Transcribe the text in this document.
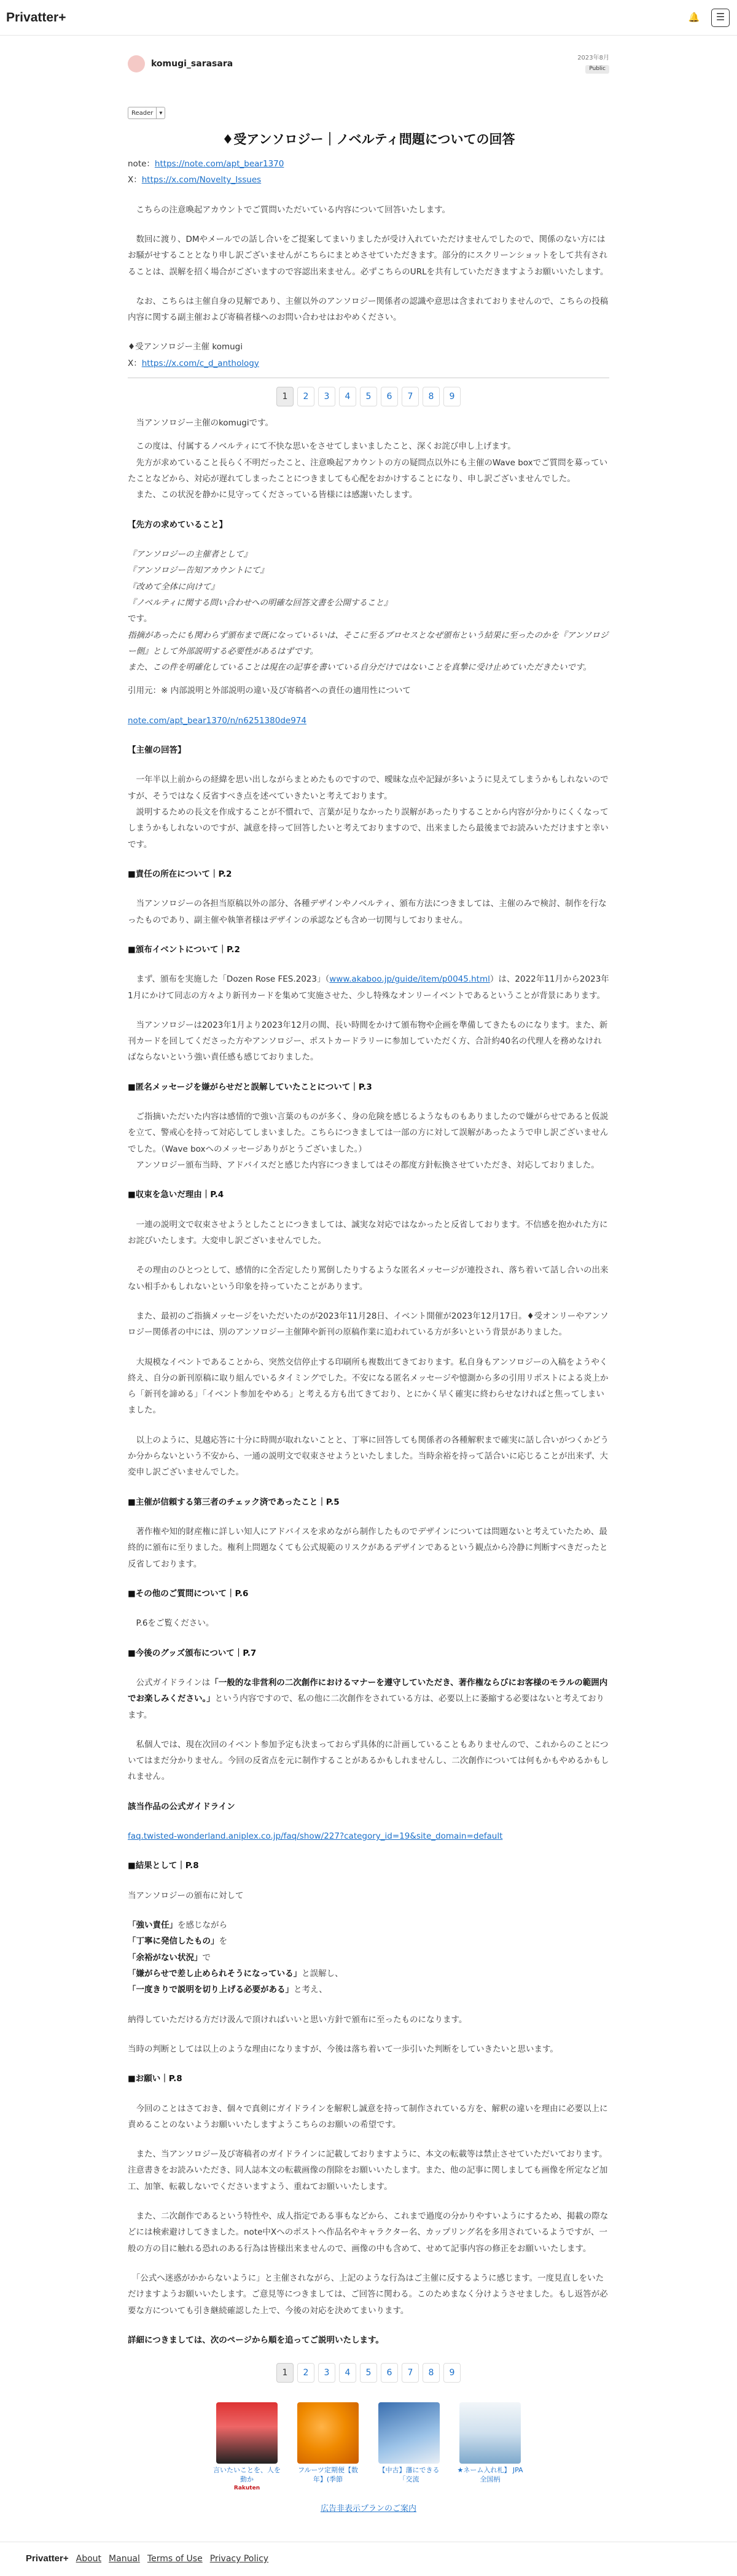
Privatter+	🔔 ☰
komugi_sarasara
2023年8月
Public
Reader	▾
♦受アンソロジー｜ノベルティ問題についての回答
note：https://note.com/apt_bear1370
X：https://x.com/Novelty_Issues
　こちらの注意喚起アカウントでご質問いただいている内容について回答いたします。
　数回に渡り、DMやメールでの話し合いをご提案してまいりましたが受け入れていただけませんでしたので、関係のない方にはお騒がせすることとなり申し訳ございませんがこちらにまとめさせていただきます。部分的にスクリーンショットをして共有されることは、誤解を招く場合がございますので容認出来ません。必ずこちらのURLを共有していただきますようお願いいたします。
　なお、こちらは主催自身の見解であり、主催以外のアンソロジー関係者の認識や意思は含まれておりませんので、こちらの投稿内容に関する副主催および寄稿者様へのお問い合わせはおやめください。
♦受アンソロジー主催 komugi
X：https://x.com/c_d_anthology
1	2	3	4	5	6	7	8	9
　当アンソロジー主催のkomugiです。
　この度は、付属するノベルティにて不快な思いをさせてしまいましたこと、深くお詫び申し上げます。
　先方が求めていること長らく不明だったこと、注意喚起アカウントの方の疑問点以外にも主催のWave boxでご質問を募っていたことなどから、対応が遅れてしまったことにつきましても心配をおかけすることになり、申し訳ございませんでした。
　また、この状況を静かに見守ってくださっている皆様には感謝いたします。
【先方の求めていること】
『アンソロジーの主催者として』
『アンソロジー告知アカウントにて』
『改めて全体に向けて』
『ノベルティに関する問い合わせへの明確な回答文書を公開すること』
です。
指摘があったにも関わらず頒布まで既になっているいは、そこに至るプロセスとなぜ頒布という結果に至ったのかを『アンソロジー側』として外部説明する必要性があるはずです。
また、この件を明確化していることは現在の記事を書いている自分だけではないことを真摯に受け止めていただきたいです。
引用元：※ 内部説明と外部説明の違い及び寄稿者への責任の適用性について
note.com/apt_bear1370/n/n6251380de974
【主催の回答】
　一年半以上前からの経緯を思い出しながらまとめたものですので、曖昧な点や記録が多いように見えてしまうかもしれないのですが、そうではなく反省すべき点を述べていきたいと考えております。
　説明するための長文を作成することが不慣れで、言葉が足りなかったり誤解があったりすることから内容が分かりにくくなってしまうかもしれないのですが、誠意を持って回答したいと考えておりますので、出来ましたら最後までお読みいただけますと幸いです。
■責任の所在について｜P.2
　当アンソロジーの各担当原稿以外の部分、各種デザインやノベルティ、頒布方法につきましては、主催のみで検討、制作を行なったものであり、副主催や執筆者様はデザインの承認なども含め一切関与しておりません。
■頒布イベントについて｜P.2
　まず、頒布を実施した「Dozen Rose FES.2023」（www.akaboo.jp/guide/item/p0045.html）は、2022年11月から2023年1月にかけて同志の方々より新刊カードを集めて実施させた、少し特殊なオンリーイベントであるということが背景にあります。
　当アンソロジーは2023年1月より2023年12月の間、長い時間をかけて頒布物や企画を準備してきたものになります。また、新刊カードを回してくださった方やアンソロジー、ポストカードラリーに参加していただく方、合計約40名の代理人を務めなければならないという強い責任感も感じておりました。
■匿名メッセージを嫌がらせだと誤解していたことについて｜P.3
　ご指摘いただいた内容は感情的で強い言葉のものが多く、身の危険を感じるようなものもありましたので嫌がらせであると仮説を立て、警戒心を持って対応してしまいました。こちらにつきましては一部の方に対して誤解があったようで申し訳ございませんでした。（Wave boxへのメッセージありがとうございました。）
　アンソロジー頒布当時、アドバイスだと感じた内容につきましてはその都度方針転換させていただき、対応しておりました。
■収束を急いだ理由｜P.4
　一連の説明文で収束させようとしたことにつきましては、誠実な対応ではなかったと反省しております。不信感を抱かれた方にお詫びいたします。大変申し訳ございませんでした。
　その理由のひとつとして、感情的に全否定したり罵倒したりするような匿名メッセージが連投され、落ち着いて話し合いの出来ない相手かもしれないという印象を持っていたことがあります。
　また、最初のご指摘メッセージをいただいたのが2023年11月28日、イベント開催が2023年12月17日。♦受オンリーやアンソロジー関係者の中には、別のアンソロジー主催陣や新刊の原稿作業に追われている方が多いという背景がありました。
　大規模なイベントであることから、突然交信停止する印刷所も複数出てきております。私自身もアンソロジーの入稿をようやく終え、自分の新刊原稿に取り組んでいるタイミングでした。不安になる匿名メッセージや憶測から多の引用リポストによる炎上から「新刊を諦める」「イベント参加をやめる」と考える方も出てきており、とにかく早く確実に終わらせなければと焦ってしまいました。
　以上のように、見越応答に十分に時間が取れないことと、丁寧に回答しても関係者の各種解釈まで確実に話し合いがつくかどうか分からないという不安から、一通の説明文で収束させようといたしました。当時余裕を持って話合いに応じることが出来ず、大変申し訳ございませんでした。
■主催が信頼する第三者のチェック済であったこと｜P.5
　著作権や知的財産権に詳しい知人にアドバイスを求めながら制作したものでデザインについては問題ないと考えていたため、最終的に頒布に至りました。権利上問題なくても公式規範のリスクがあるデザインであるという観点から冷静に判断すべきだったと反省しております。
■その他のご質問について｜P.6
　P.6をご覧ください。
■今後のグッズ頒布について｜P.7
　公式ガイドラインは「一般的な非営利の二次創作におけるマナーを遵守していただき、著作権ならびにお客様のモラルの範囲内でお楽しみください。」という内容ですので、私の他に二次創作をされている方は、必要以上に萎縮する必要はないと考えております。
　私個人では、現在次回のイベント参加予定も決まっておらず具体的に計画していることもありませんので、これからのことについてはまだ分かりません。今回の反省点を元に制作することがあるかもしれませんし、二次創作については何もかもやめるかもしれません。
該当作品の公式ガイドライン
faq.twisted-wonderland.aniplex.co.jp/faq/show/227?category_id=19&site_domain=default
■結果として｜P.8
当アンソロジーの頒布に対して
「強い責任」を感じながら
「丁寧に発信したもの」を
「余裕がない状況」で
「嫌がらせで差し止められそうになっている」と誤解し、
「一度きりで説明を切り上げる必要がある」と考え、
納得していただける方だけ汲んで頂ければいいと思い方針で頒布に至ったものになります。
当時の判断としては以上のような理由になりますが、今後は落ち着いて一歩引いた判断をしていきたいと思います。
■お願い｜P.8
　今回のことはさておき、個々で真剣にガイドラインを解釈し誠意を持って制作されている方を、解釈の違いを理由に必要以上に責めることのないようお願いいたしますようこちらのお願いの希望です。
　また、当アンソロジー及び寄稿者のガイドラインに記載しておりますように、本文の転載等は禁止させていただいております。注意書きをお読みいただき、同人誌本文の転載画像の削除をお願いいたします。また、他の記事に関しましても画像を所定など加工、加筆、転載しないでくださいますよう、重ねてお願いいたします。
　また、二次創作であるという特性や、成人指定である事もなどから、これまで過度の分かりやすいようにするため、掲載の際などには検索避けしてきました。note中Xへのポストへ作品名やキャラクター名、カップリング名を多用されているようですが、一般の方の目に触れる恐れのある行為は皆様出来ませんので、画像の中も含めて、せめて記事内容の修正をお願いいたします。
　「公式へ迷惑がかからないように」と主催されながら、上記のような行為はご主催に反するように感じます。一度見直しをいただけますようお願いいたします。ご意見等につきましては、ご回答に関わる。このためまなく分けようさせました。もし返答が必要な方についても引き継続確認した上で、今後の対応を決めてまいります。
詳細につきましては、次のページから順を追ってご説明いたします。
1	2	3	4	5	6	7	8	9
言いたいことを、人を動か
Rakuten
フルーツ定期便【数年】(季節
【中古】藩にできる「交流
★ネーム入れ札】 JPA 全国柄
広告非表示プランのご案内
Privatter+ About Manual Terms of Use Privacy Policy
